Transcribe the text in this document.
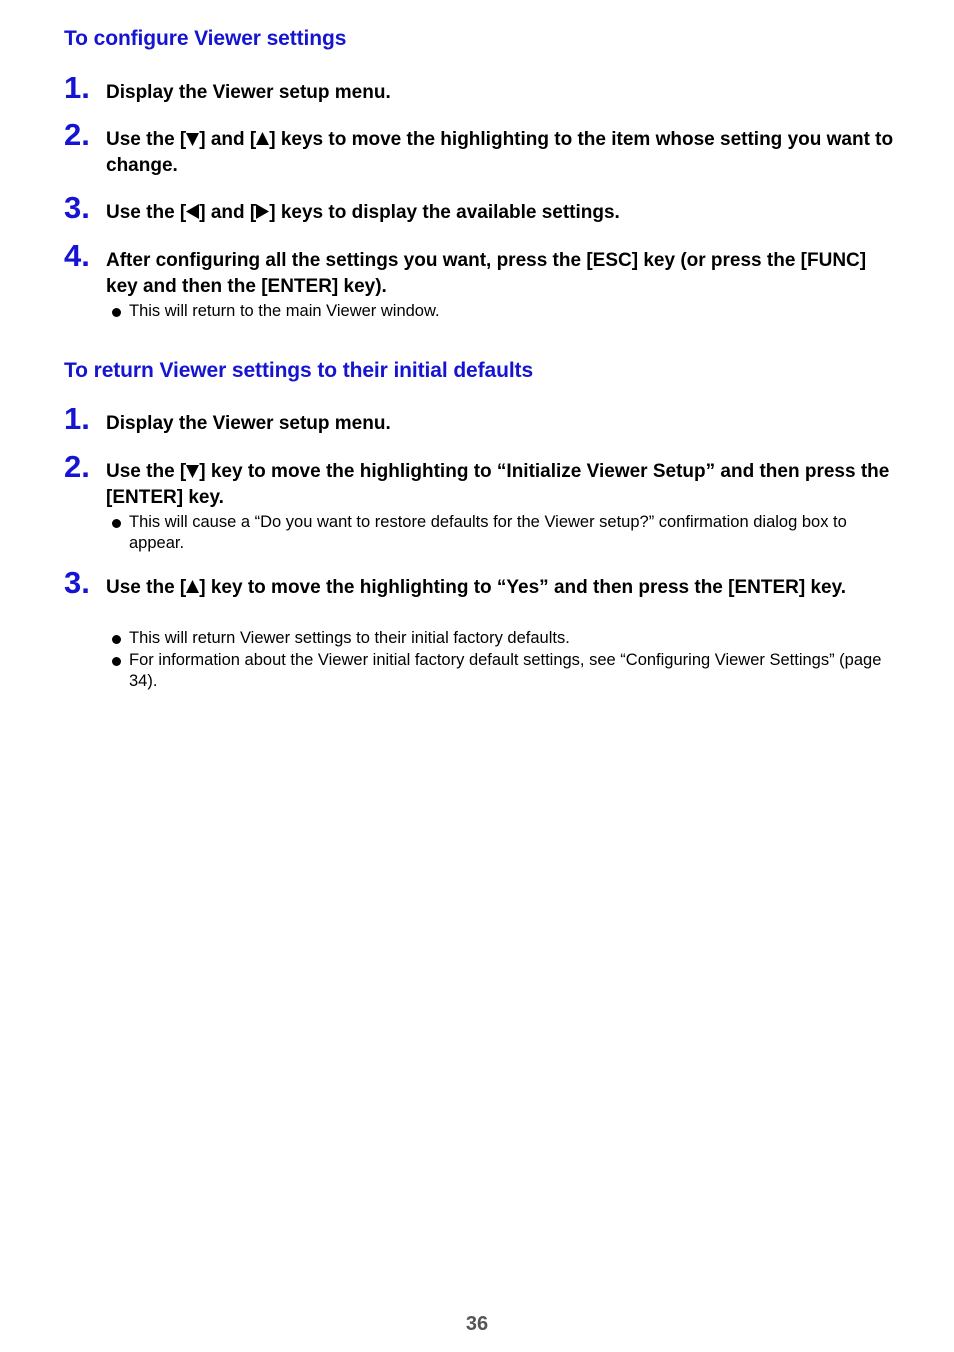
To configure Viewer settings
1. Display the Viewer setup menu.
2. Use the [ ] and [ ] keys to move the highlighting to the item whose setting you want to change.
3. Use the [ ] and [ ] keys to display the available settings.
4. After configuring all the settings you want, press the [ESC] key (or press the [FUNC] key and then the [ENTER] key).
This will return to the main Viewer window.
To return Viewer settings to their initial defaults
1. Display the Viewer setup menu.
2. Use the [ ] key to move the highlighting to “Initialize Viewer Setup” and then press the [ENTER] key.
This will cause a “Do you want to restore defaults for the Viewer setup?” confirmation dialog box to appear.
3. Use the [ ] key to move the highlighting to “Yes” and then press the [ENTER] key.
This will return Viewer settings to their initial factory defaults.
For information about the Viewer initial factory default settings, see “Configuring Viewer Settings” (page 34).
36
